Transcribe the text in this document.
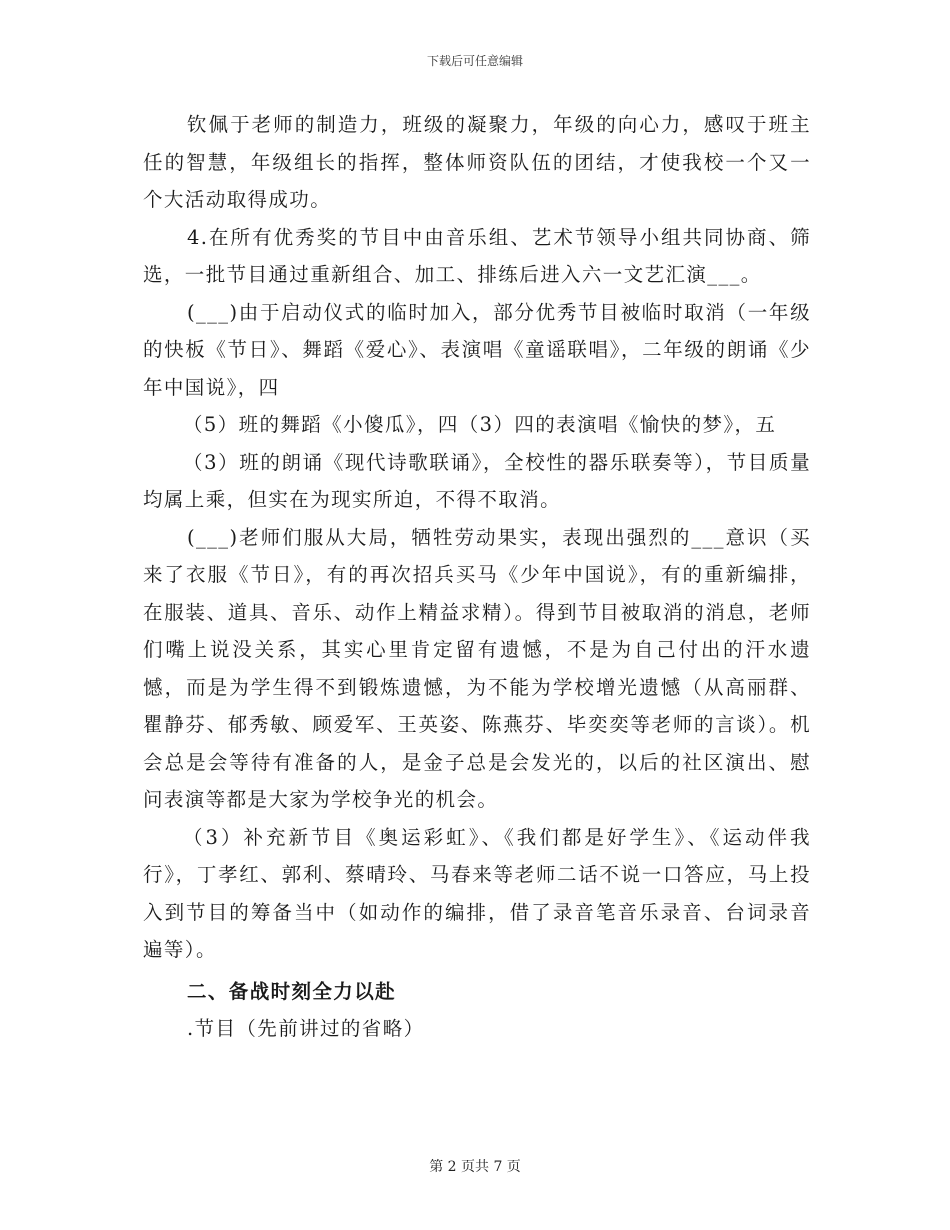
下载后可任意编辑

钦佩于老师的制造力，班级的凝聚力，年级的向心力，感叹于班主任的智慧，年级组长的指挥，整体师资队伍的团结，才使我校一个又一个大活动取得成功。

4.在所有优秀奖的节目中由音乐组、艺术节领导小组共同协商、筛选，一批节目通过重新组合、加工、排练后进入六一文艺汇演___。

(___)由于启动仪式的临时加入，部分优秀节目被临时取消（一年级的快板《节日》、舞蹈《爱心》、表演唱《童谣联唱》，二年级的朗诵《少年中国说》，四

（5）班的舞蹈《小傻瓜》，四（3）四的表演唱《愉快的梦》，五

（3）班的朗诵《现代诗歌联诵》，全校性的器乐联奏等），节目质量均属上乘，但实在为现实所迫，不得不取消。

(___)老师们服从大局，牺牲劳动果实，表现出强烈的___意识（买来了衣服《节日》，有的再次招兵买马《少年中国说》，有的重新编排，在服装、道具、音乐、动作上精益求精）。得到节目被取消的消息，老师们嘴上说没关系，其实心里肯定留有遗憾，不是为自己付出的汗水遗憾，而是为学生得不到锻炼遗憾，为不能为学校增光遗憾（从高丽群、瞿静芬、郁秀敏、顾爱军、王英姿、陈燕芬、毕奕奕等老师的言谈）。机会总是会等待有准备的人，是金子总是会发光的，以后的社区演出、慰问表演等都是大家为学校争光的机会。

（3）补充新节目《奥运彩虹》、《我们都是好学生》、《运动伴我行》，丁孝红、郭利、蔡晴玲、马春来等老师二话不说一口答应，马上投入到节目的筹备当中（如动作的编排，借了录音笔音乐录音、台词录音遍等）。

二、备战时刻全力以赴

.节目（先前讲过的省略）

第 2 页共 7 页
